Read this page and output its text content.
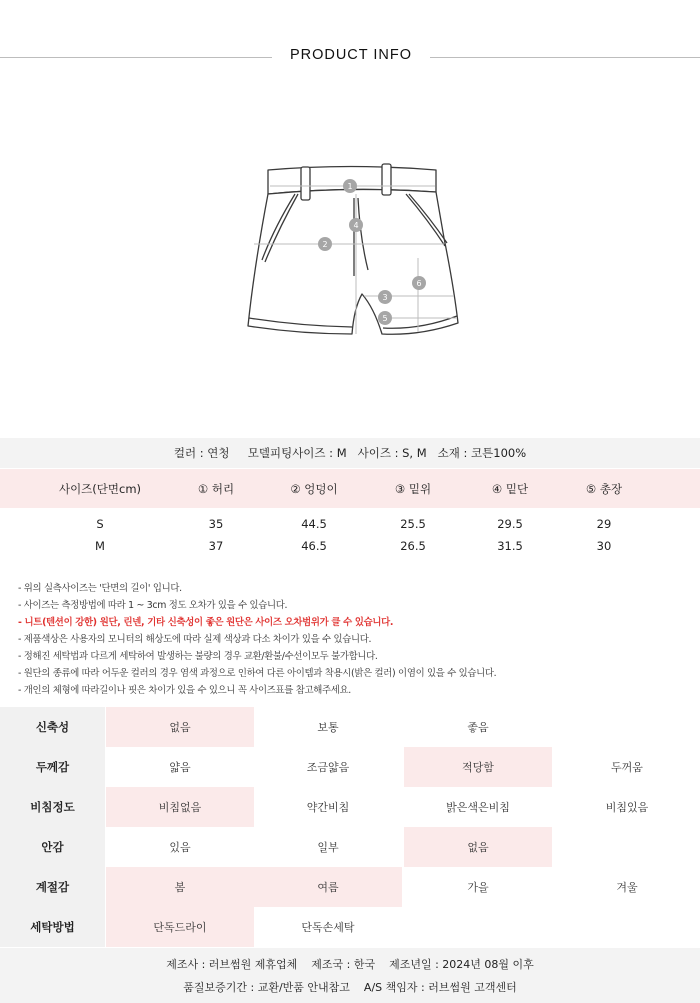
PRODUCT INFO
1
2
3
4
5
6
컬러 : 연청
모델피팅사이즈 : M
사이즈 : S, M
소재 : 코튼100%
사이즈(단면cm)	① 허리	② 엉덩이	③ 밑위	④ 밑단	⑤ 총장
S	35	44.5	25.5	29.5	29
M	37	46.5	26.5	31.5	30
- 위의 실측사이즈는 '단면의 길이' 입니다.
- 사이즈는 측정방법에 따라 1 ~ 3cm 정도 오차가 있을 수 있습니다.
- 니트(텐션이 강한) 원단, 린넨, 기타 신축성이 좋은 원단은 사이즈 오차범위가 클 수 있습니다.
- 제품색상은 사용자의 모니터의 해상도에 따라 실제 색상과 다소 차이가 있을 수 있습니다.
- 정해진 세탁법과 다르게 세탁하여 발생하는 불량의 경우 교환/환불/수선이모두 불가합니다.
- 원단의 종류에 따라 어두운 컬러의 경우 염색 과정으로 인하여 다른 아이템과 착용시(밝은 컬러) 이염이 있을 수 있습니다.
- 개인의 체형에 따라길이나 핏은 차이가 있을 수 있으니 꼭 사이즈표를 참고해주세요.
신축성	없음	보통	좋음
두께감	얇음	조금얇음	적당함	두꺼움
비침정도	비침없음	약간비침	밝은색은비침	비침있음
안감	있음	일부	없음
계절감	봄	여름	가을	겨울
세탁방법	단독드라이	단독손세탁
제조사 : 러브썸원 제휴업체    제조국 : 한국    제조년일 : 2024년 08월 이후
품질보증기간 : 교환/반품 안내참고    A/S 책임자 : 러브썸원 고객센터
